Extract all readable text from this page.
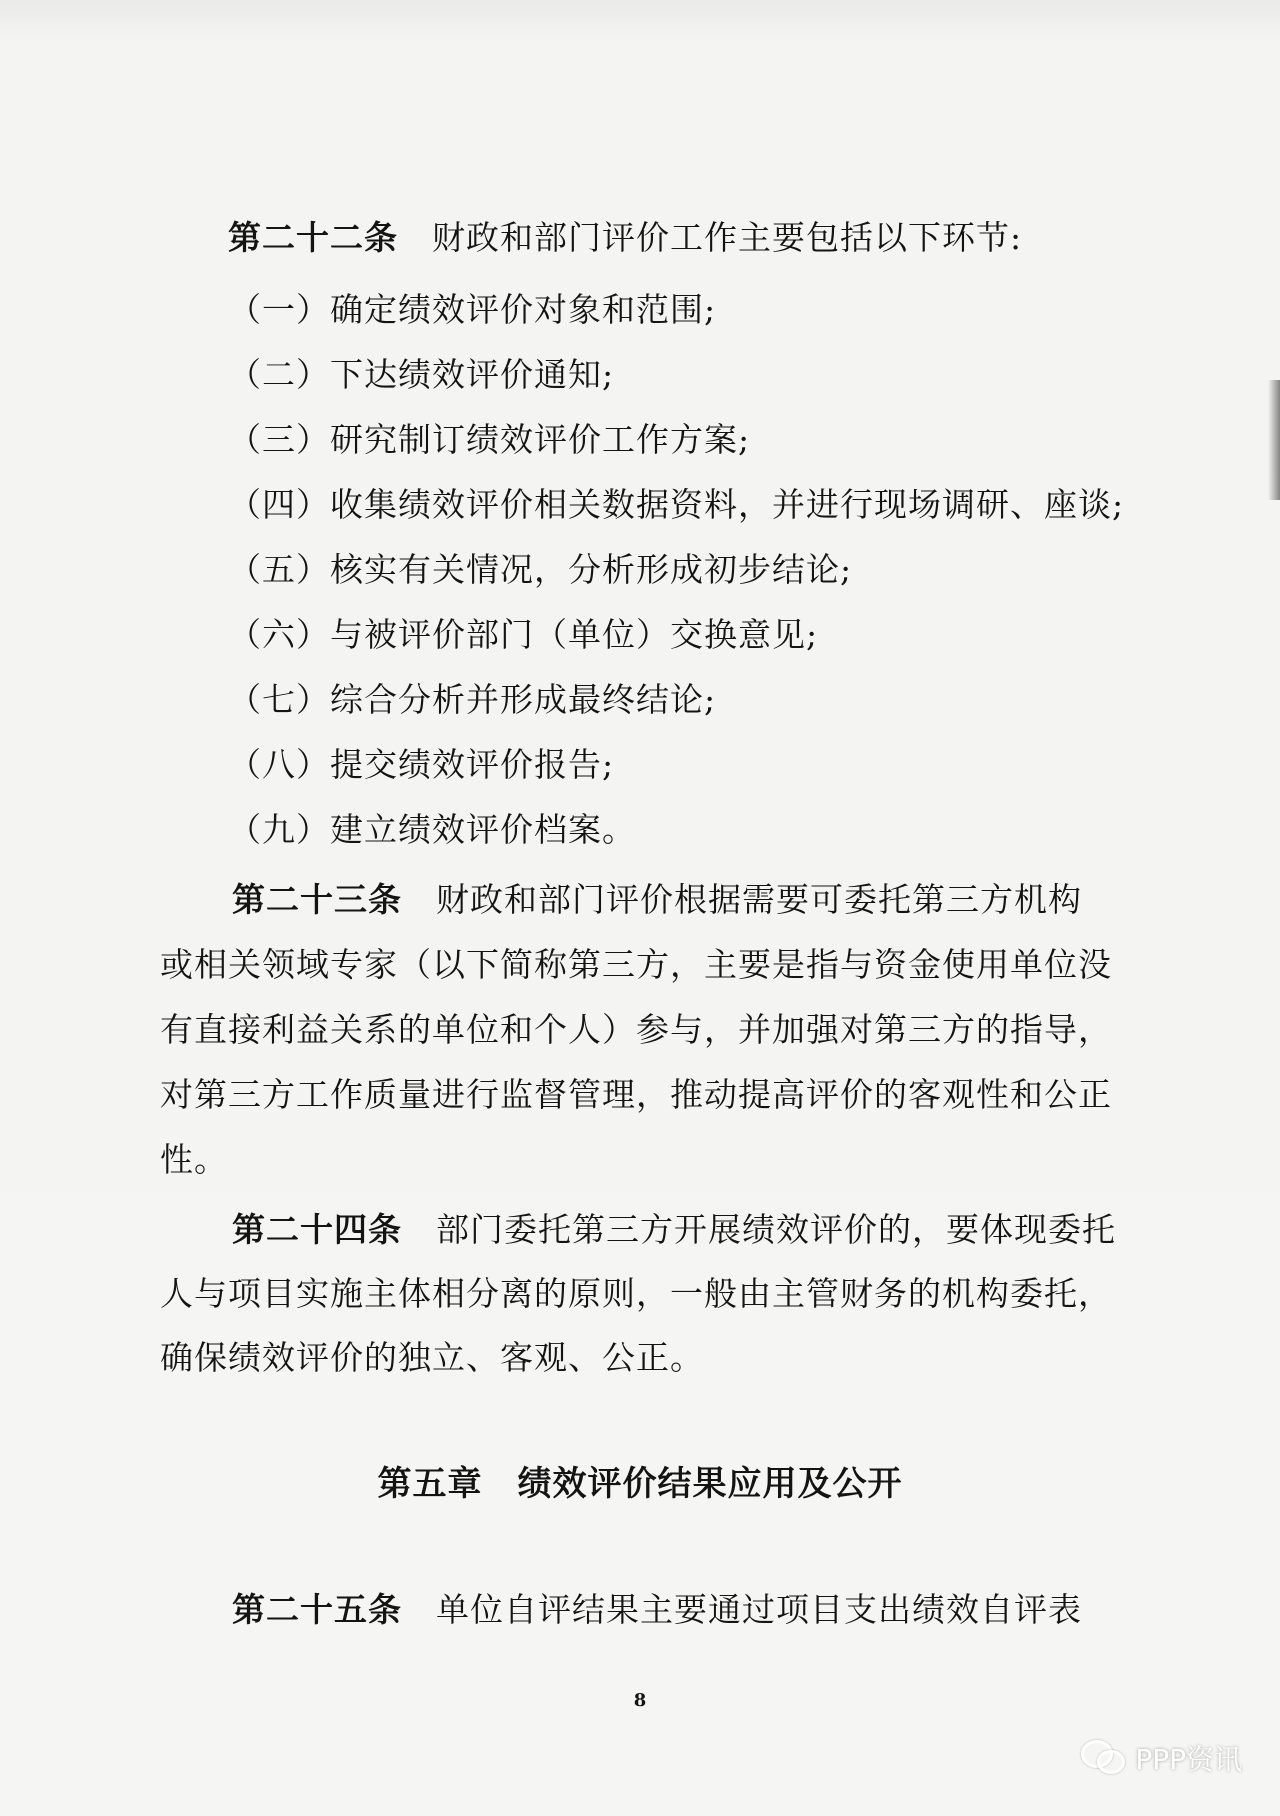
第二十二条　 财政和部门评价工作主要包括以下环节:
（一）确定绩效评价对象和范围;
（二）下达绩效评价通知;
（三）研究制订绩效评价工作方案;
（四）收集绩效评价相关数据资料，并进行现场调研、座谈;
（五）核实有关情况，分析形成初步结论;
（六）与被评价部门（单位）交换意见;
（七）综合分析并形成最终结论;
（八）提交绩效评价报告;
（九）建立绩效评价档案。
第二十三条　 财政和部门评价根据需要可委托第三方机构
或相关领域专家（以下简称第三方，主要是指与资金使用单位没
有直接利益关系的单位和个人）参与，并加强对第三方的指导，
对第三方工作质量进行监督管理，推动提高评价的客观性和公正
性。
第二十四条　 部门委托第三方开展绩效评价的，要体现委托
人与项目实施主体相分离的原则，一般由主管财务的机构委托，
确保绩效评价的独立、客观、公正。
第五章　绩效评价结果应用及公开
第二十五条　 单位自评结果主要通过项目支出绩效自评表
8
PPP资讯
